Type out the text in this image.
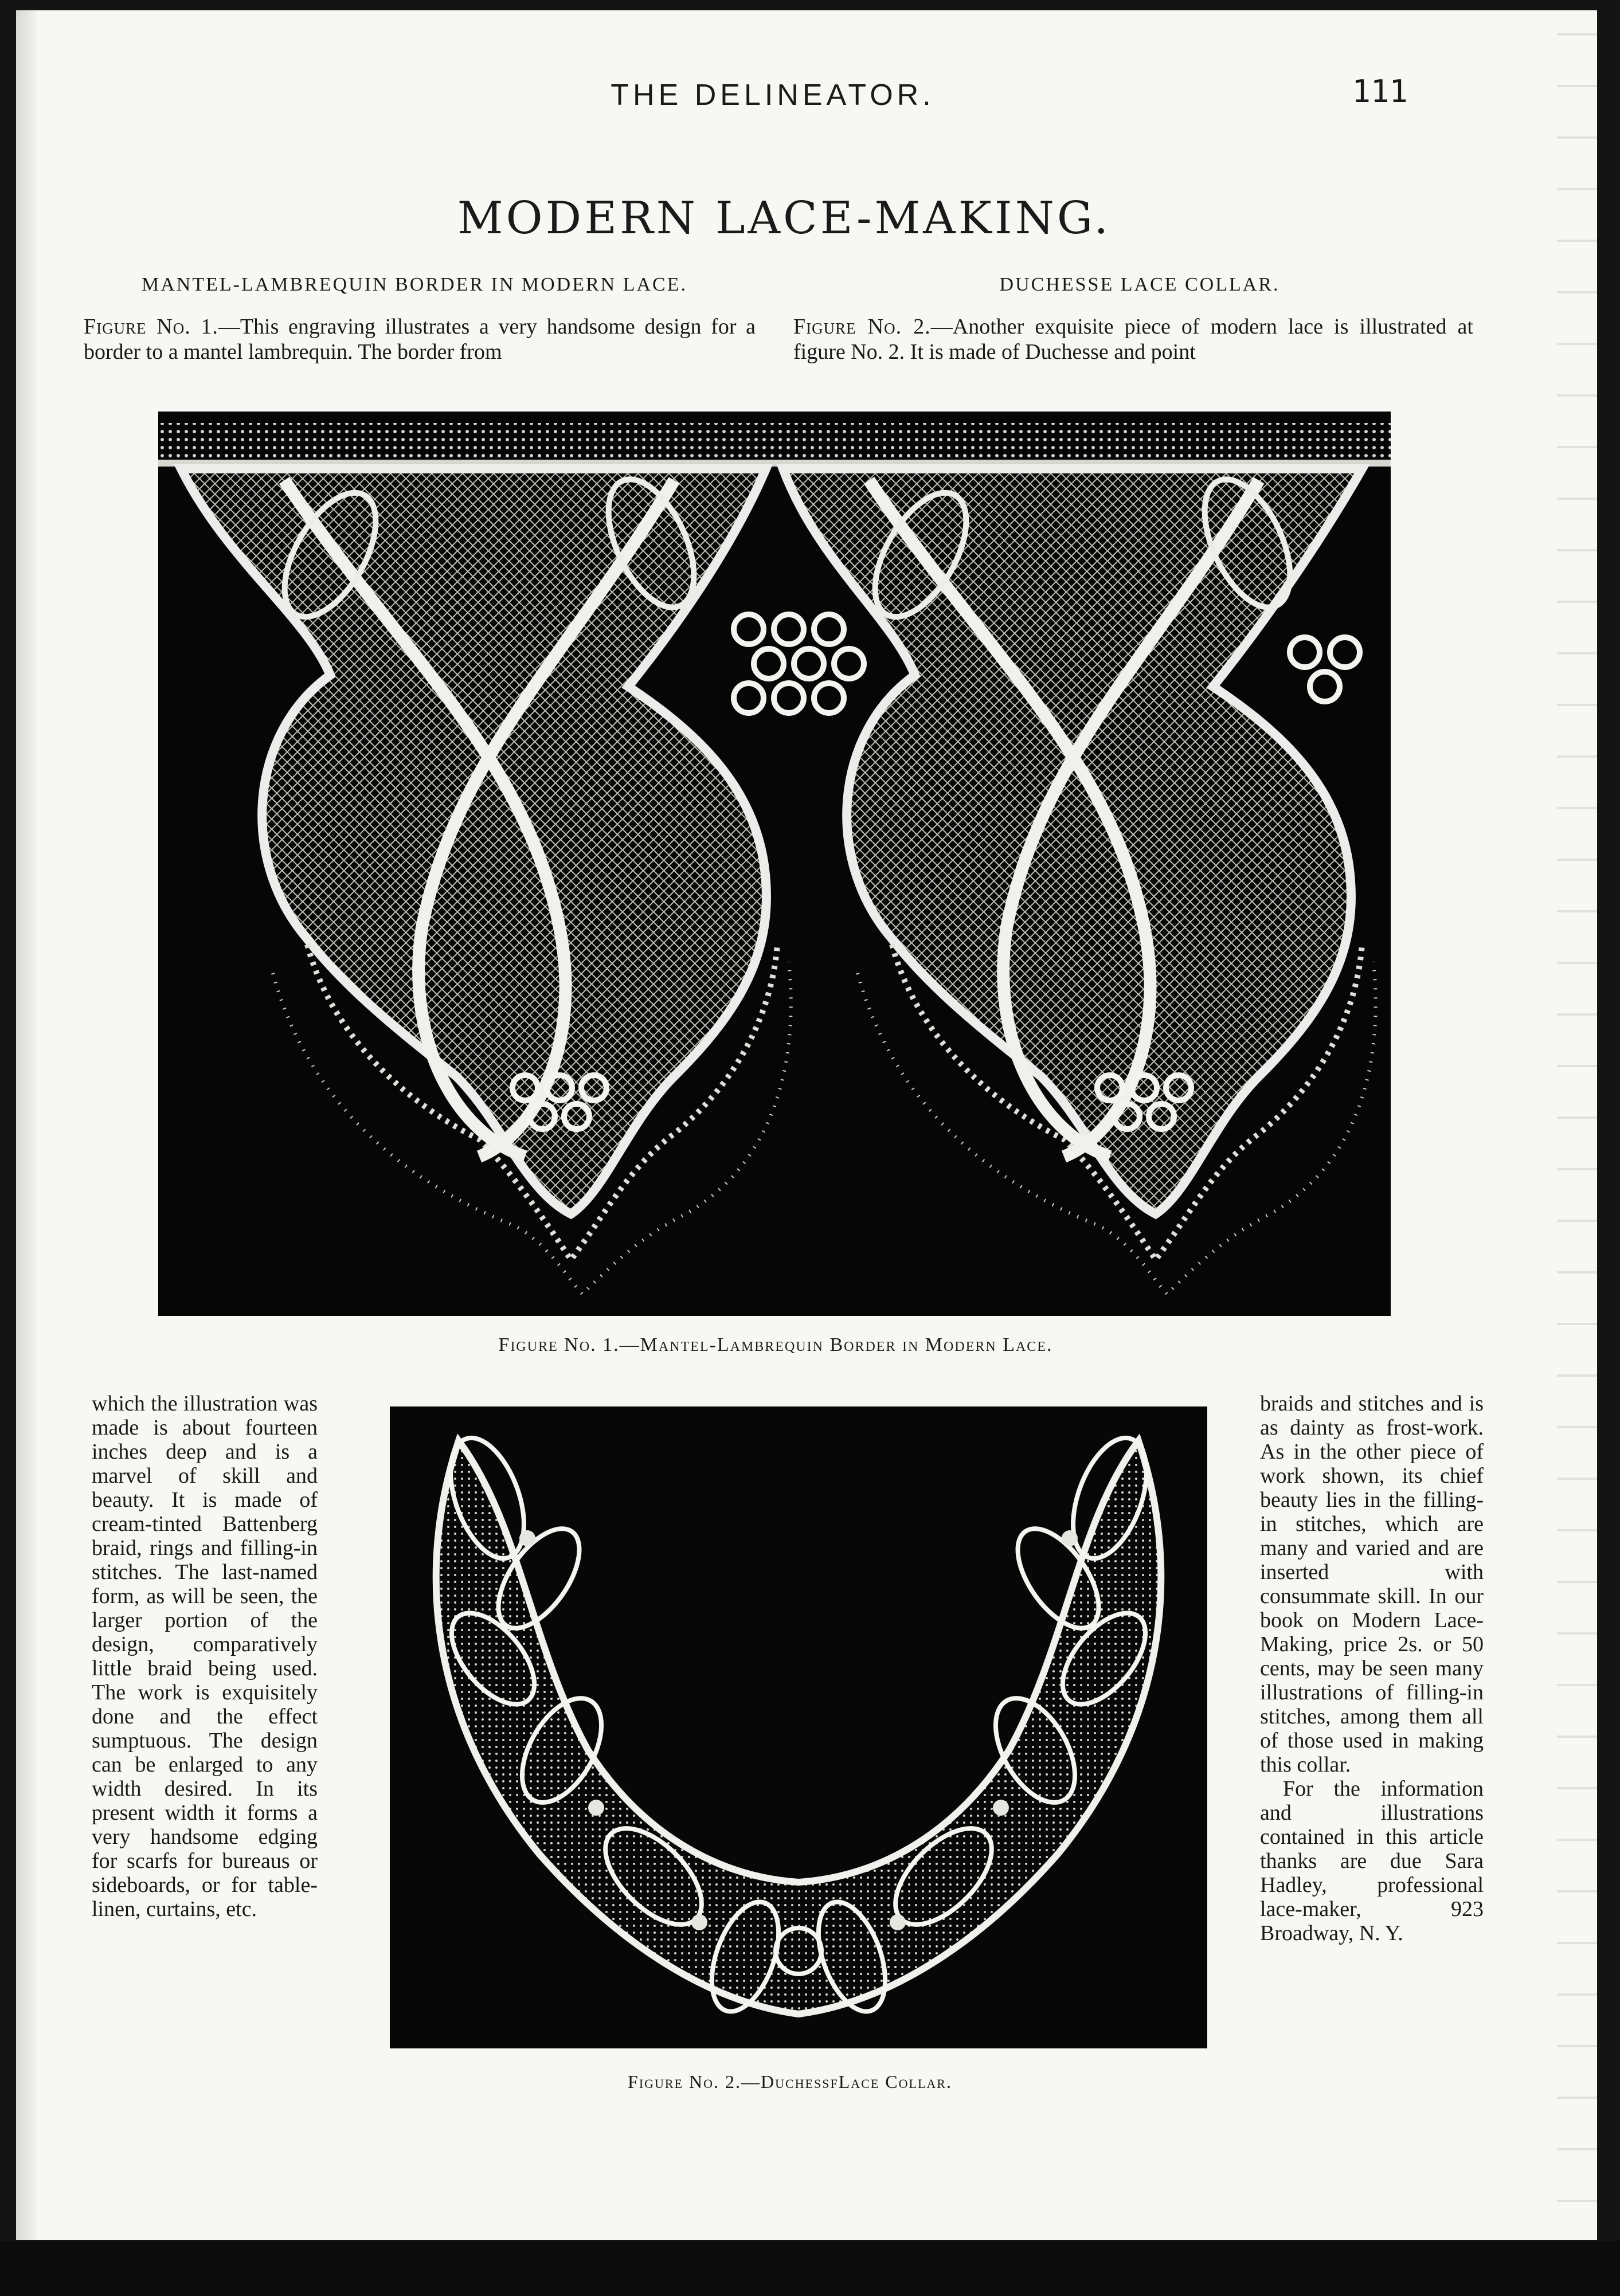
THE DELINEATOR.	111
MODERN LACE-MAKING.
MANTEL-LAMBREQUIN BORDER IN MODERN LACE.	DUCHESSE LACE COLLAR.

Figure No. 1.—This engraving illustrates a very handsome design for a border to a mantel lambrequin. The border from

Figure No. 2.—Another exquisite piece of modern lace is illustrated at figure No. 2. It is made of Duchesse and point

Figure No. 1.—Mantel-Lambrequin Border in Modern Lace.
Figure No. 2.—DuchessfLace Collar.

which the illustration was made is about fourteen inches deep and is a marvel of skill and beauty. It is made of cream-tinted Battenberg braid, rings and filling-in stitches. The last-named form, as will be seen, the larger portion of the design, comparatively little braid being used. The work is exquisitely done and the effect sumptuous. The design can be enlarged to any width desired. In its present width it forms a very handsome edging for scarfs for bureaus or sideboards, or for table-linen, curtains, etc.

braids and stitches and is as dainty as frost-work. As in the other piece of work shown, its chief beauty lies in the filling-in stitches, which are many and varied and are inserted with consummate skill. In our book on Modern Lace-Making, price 2s. or 50 cents, may be seen many illustrations of filling-in stitches, among them all of those used in making this collar.

For the information and illustrations contained in this article thanks are due Sara Hadley, professional lace-maker, 923 Broadway, N. Y.
